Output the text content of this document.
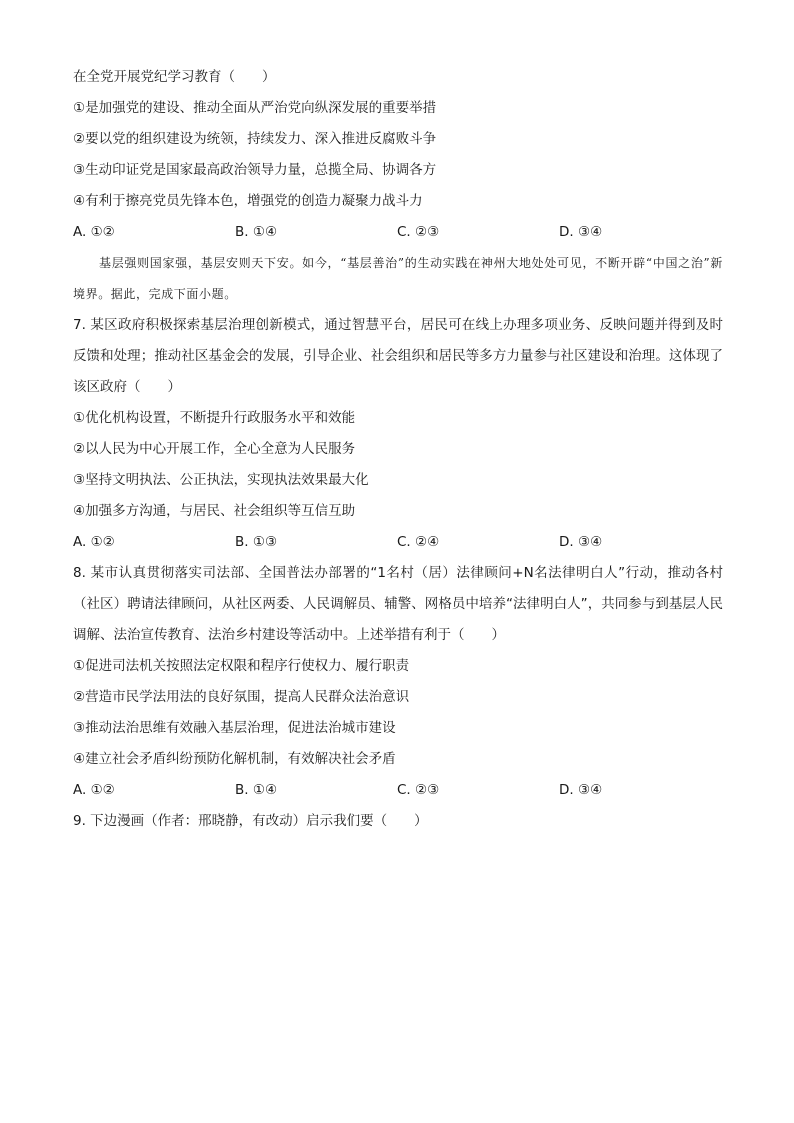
在全党开展党纪学习教育（　　）
①是加强党的建设、推动全面从严治党向纵深发展的重要举措
②要以党的组织建设为统领，持续发力、深入推进反腐败斗争
③生动印证党是国家最高政治领导力量，总揽全局、协调各方
④有利于擦亮党员先锋本色，增强党的创造力凝聚力战斗力
A. ①②	B. ①④	C. ②③	D. ③④
基层强则国家强，基层安则天下安。如今，“基层善治”的生动实践在神州大地处处可见，不断开辟“中国之治”新境界。据此，完成下面小题。
7. 某区政府积极探索基层治理创新模式，通过智慧平台，居民可在线上办理多项业务、反映问题并得到及时反馈和处理；推动社区基金会的发展，引导企业、社会组织和居民等多方力量参与社区建设和治理。这体现了该区政府（　　）
①优化机构设置，不断提升行政服务水平和效能
②以人民为中心开展工作，全心全意为人民服务
③坚持文明执法、公正执法，实现执法效果最大化
④加强多方沟通，与居民、社会组织等互信互助
A. ①②	B. ①③	C. ②④	D. ③④
8. 某市认真贯彻落实司法部、全国普法办部署的“1名村（居）法律顾问+N名法律明白人”行动，推动各村（社区）聘请法律顾问，从社区两委、人民调解员、辅警、网格员中培养“法律明白人”，共同参与到基层人民调解、法治宣传教育、法治乡村建设等活动中。上述举措有利于（　　）
①促进司法机关按照法定权限和程序行使权力、履行职责
②营造市民学法用法的良好氛围，提高人民群众法治意识
③推动法治思维有效融入基层治理，促进法治城市建设
④建立社会矛盾纠纷预防化解机制，有效解决社会矛盾
A. ①②	B. ①④	C. ②③	D. ③④
9. 下边漫画（作者：邢晓静，有改动）启示我们要（　　）
